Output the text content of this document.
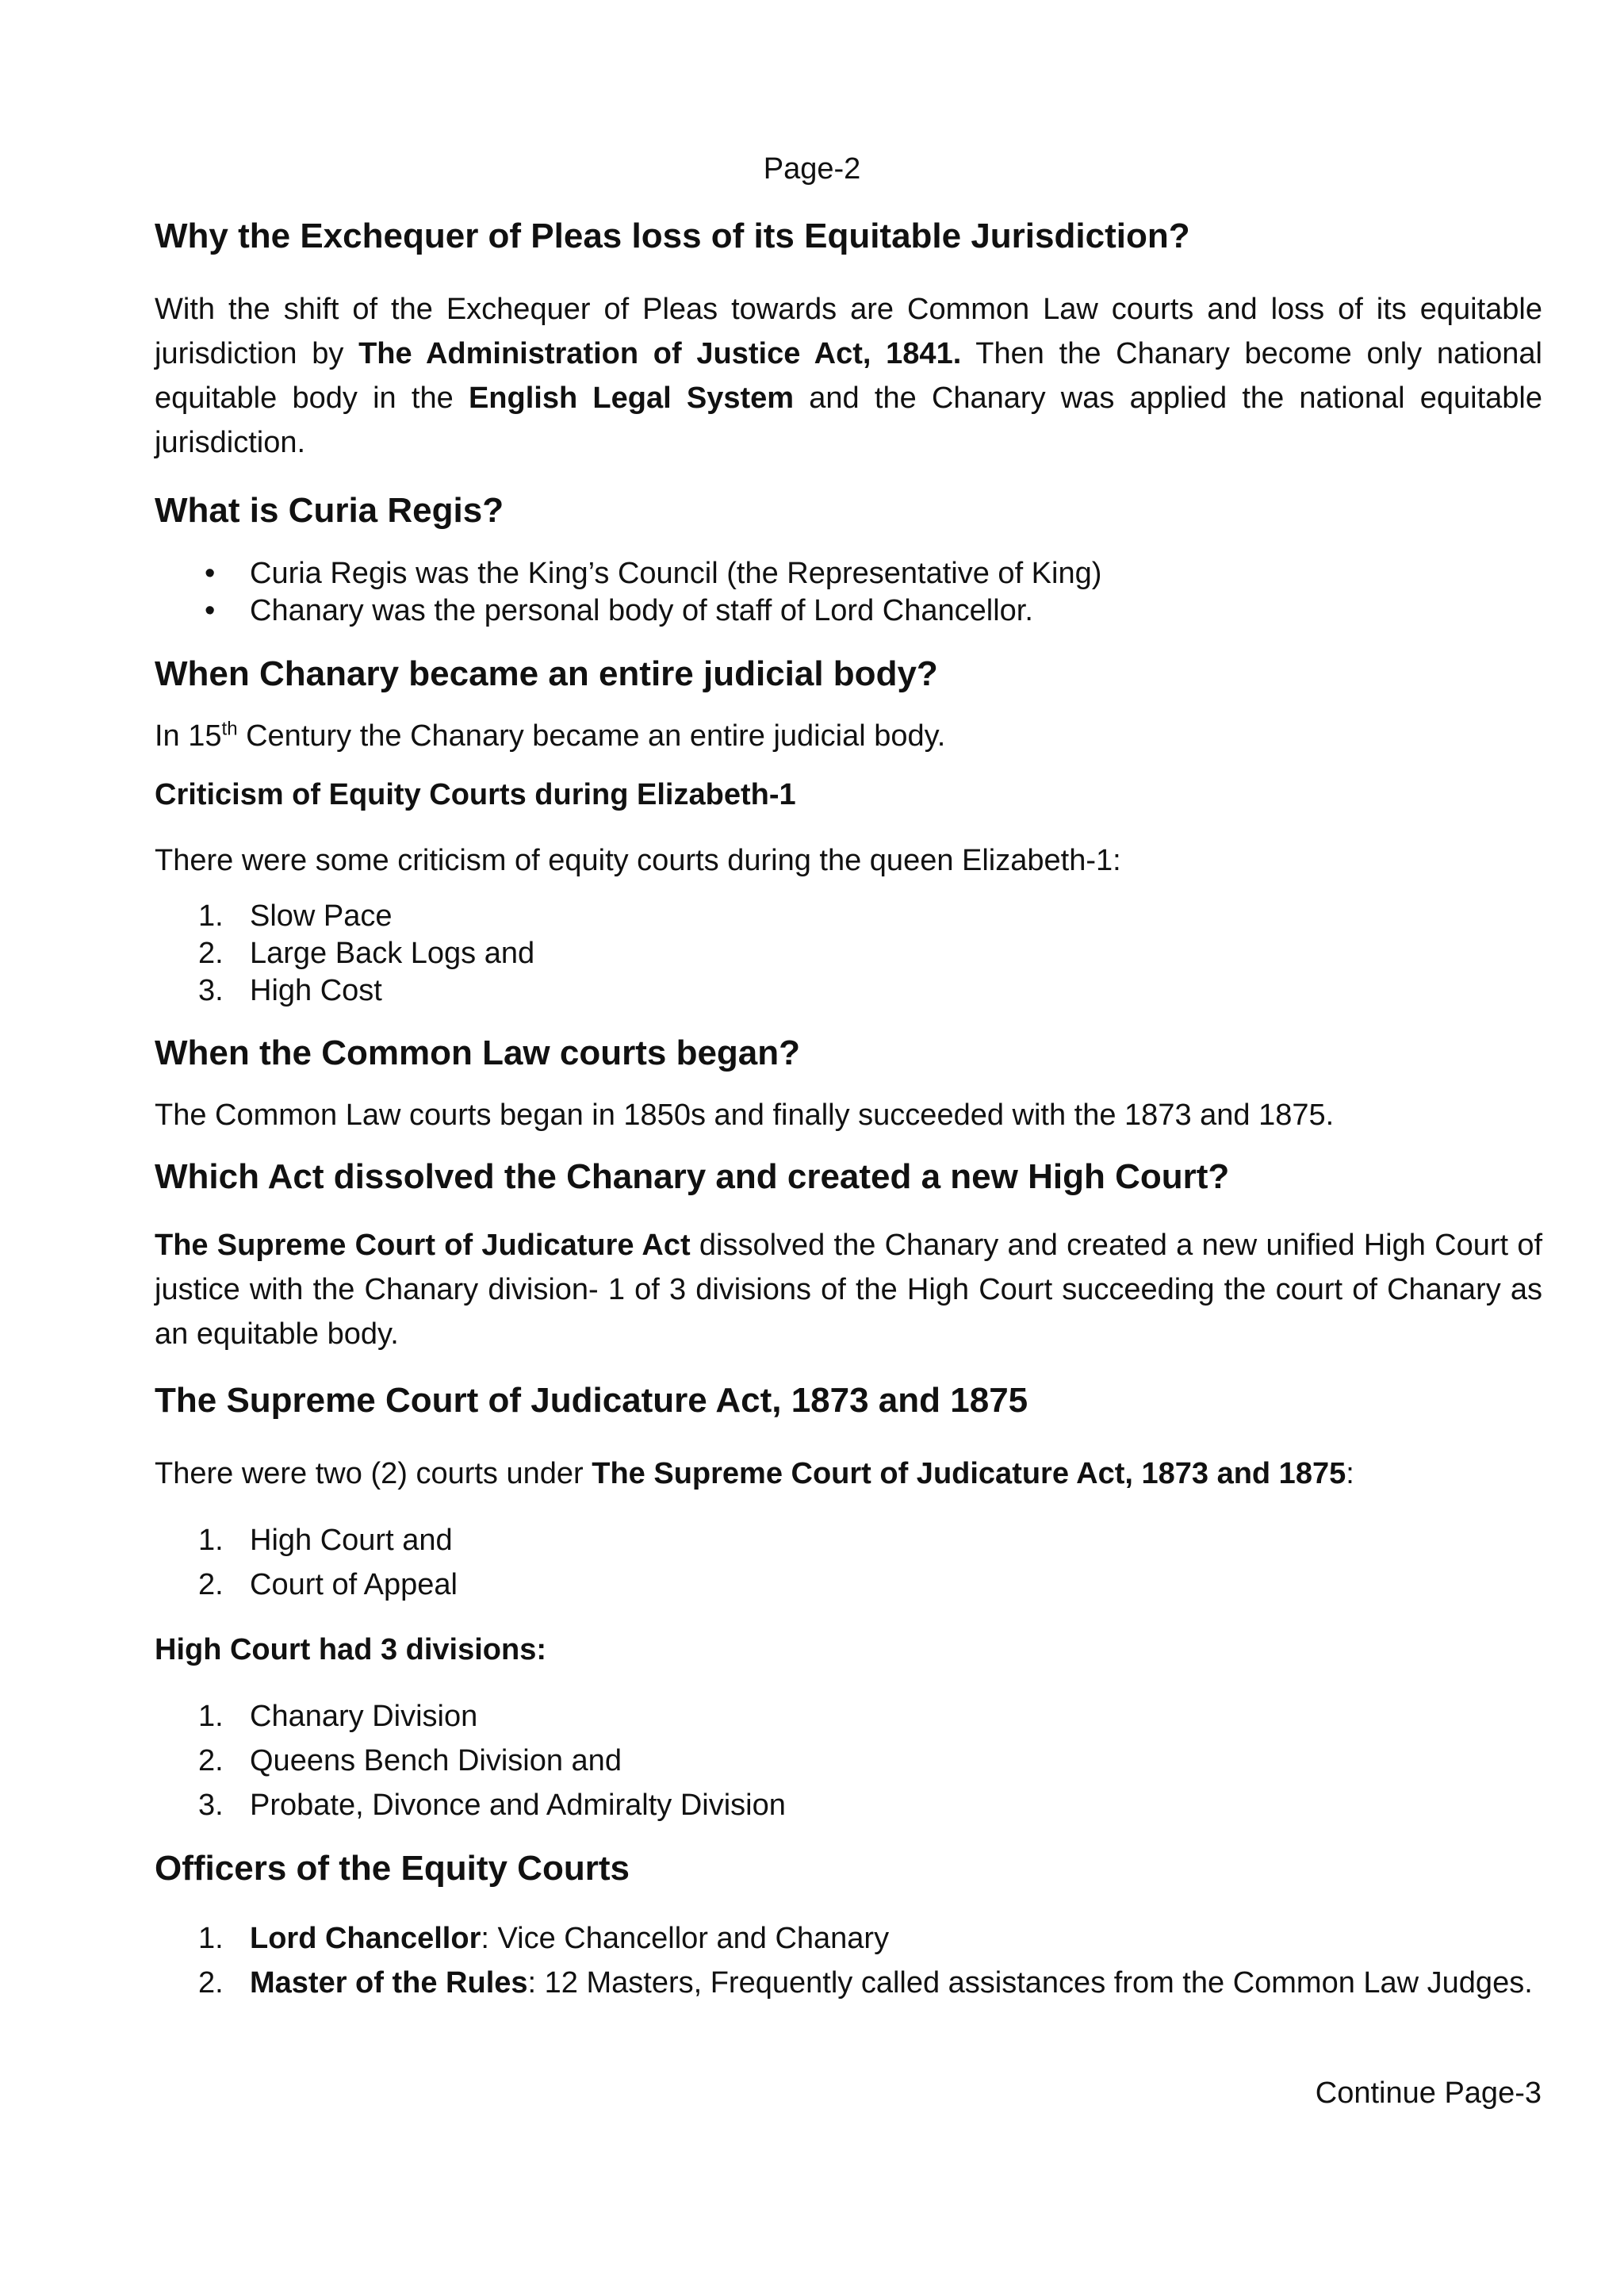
Page-2
Why the Exchequer of Pleas loss of its Equitable Jurisdiction?

With the shift of the Exchequer of Pleas towards are Common Law courts and loss of its equitable jurisdiction by The Administration of Justice Act, 1841. Then the Chanary become only national equitable body in the English Legal System and the Chanary was applied the national equitable jurisdiction.

What is Curia Regis?
• Curia Regis was the King’s Council (the Representative of King)
• Chanary was the personal body of staff of Lord Chancellor.
When Chanary became an entire judicial body?

In 15th Century the Chanary became an entire judicial body.

Criticism of Equity Courts during Elizabeth-1

There were some criticism of equity courts during the queen Elizabeth-1:

1. Slow Pace
2. Large Back Logs and
3. High Cost
When the Common Law courts began?

The Common Law courts began in 1850s and finally succeeded with the 1873 and 1875.

Which Act dissolved the Chanary and created a new High Court?

The Supreme Court of Judicature Act dissolved the Chanary and created a new unified High Court of justice with the Chanary division- 1 of 3 divisions of the High Court succeeding the court of Chanary as an equitable body.

The Supreme Court of Judicature Act, 1873 and 1875

There were two (2) courts under The Supreme Court of Judicature Act, 1873 and 1875:

1. High Court and
2. Court of Appeal
High Court had 3 divisions:
1. Chanary Division
2. Queens Bench Division and
3. Probate, Divonce and Admiralty Division
Officers of the Equity Courts
1. Lord Chancellor: Vice Chancellor and Chanary
2. Master of the Rules: 12 Masters, Frequently called assistances from the Common Law Judges.
Continue Page-3
